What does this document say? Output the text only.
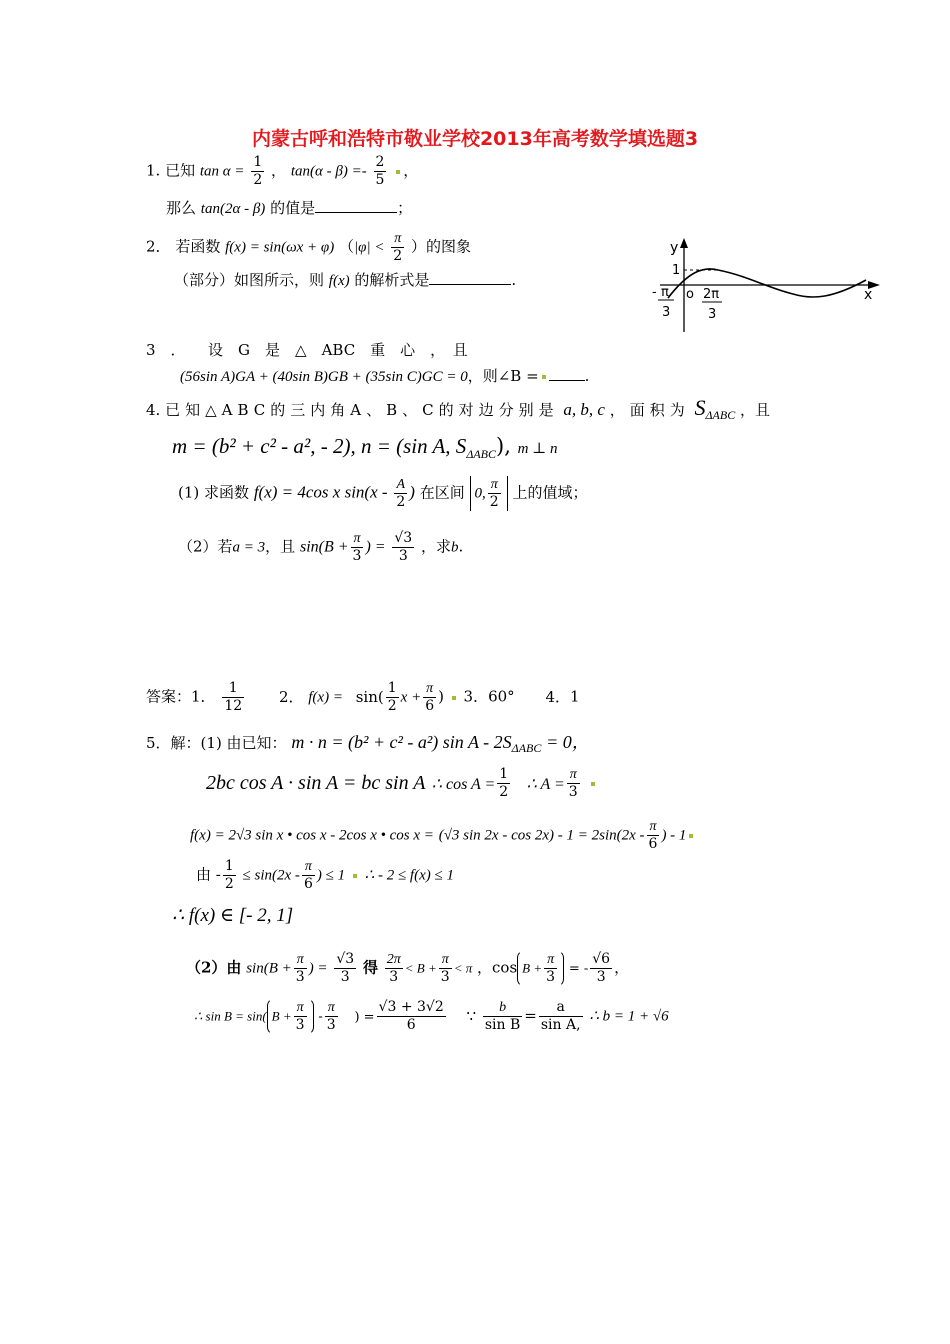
内蒙古呼和浩特市敬业学校2013年高考数学填选题3
1. 已知 $\tan \alpha = \frac{1}{2}$ ， $\tan(\alpha - \beta) =- \frac{2}{5}$ ，
那么 tan(2α - β) 的值是	；
2． 若函数 f(x) = sin(ωx + φ) （$|\varphi| < \frac{\pi}{2}$ ）的图象
（部分）如图所示，则 f(x) 的解析式是	.
y
x
1
o
- π
3
2π
3
3　．　　设　G　是　△　ABC　重　心　，　且
(56sin A)GA + (40sin B)GB + (35sin C)GC = 0，则∠B =	.
4. 已知△ABC的三内角A、B、C的对边分别是 a, b, c ，面积为 $S_{\Delta ABC}$ ，且
m = (b² + c² - a², - 2), n = (sin A, $S_{\Delta ABC}$), m ⊥ n
(1) 求函数 f(x) = 4cos x $\sin(x - \frac{A}{2}$ ) 在区间 0, $\frac{\pi}{2}$ 上的值域；
（2）若a = 3，且 $\sin(B + \frac{\pi}{3}$ ) = $\frac{√3}{3}$ ，求b.
答案：1． $\frac{1}{12} 2$． $f(x) = \sin( \frac{1}{2}$ $x + \frac{\pi}{6}$ ) 3．60° 4．1
5．解：(1) 由已知： m · n = (b² + c² - a²) $\sin A - 2S_{\Delta ABC} = 0$，
2bc cos A · sin A = bc sin A ∴ $\cos A = \frac{1}{2}$ ∴ $A = \frac{\pi}{3}$

f(x) = 2√3 sin x • cos x - 2cos x • cos x = (√3 $\sin 2x - \cos 2x) - 1 = 2\sin(2x - \frac{\pi}{6}$ ) - 1
由 - $\frac{1}{2} \le \sin(2x - \frac{\pi}{6}$ ) ≤ 1 ∴ - 2 ≤ f(x) ≤ 1
∴ f(x) ∈ [- 2, 1]
（2）由 $\sin(B + \frac{\pi}{3}$ ) = $\frac{√3}{3}$ 得 $\frac{2\pi}{3} < B + \frac{\pi}{3} < \pi$ ，$\cos B + \frac{\pi}{3}$ = - $\frac{√6}{3}$ ，
∴ sin B = sin( $B + \frac{\pi}{3} - \frac{\pi}{3}$ ) = $\frac{√3 + 3√2}{6}$ ∵ $\frac{b}{\text{sin B}} = \frac{a}{\text{sin A,}}$ ∴ b = 1 + √6
